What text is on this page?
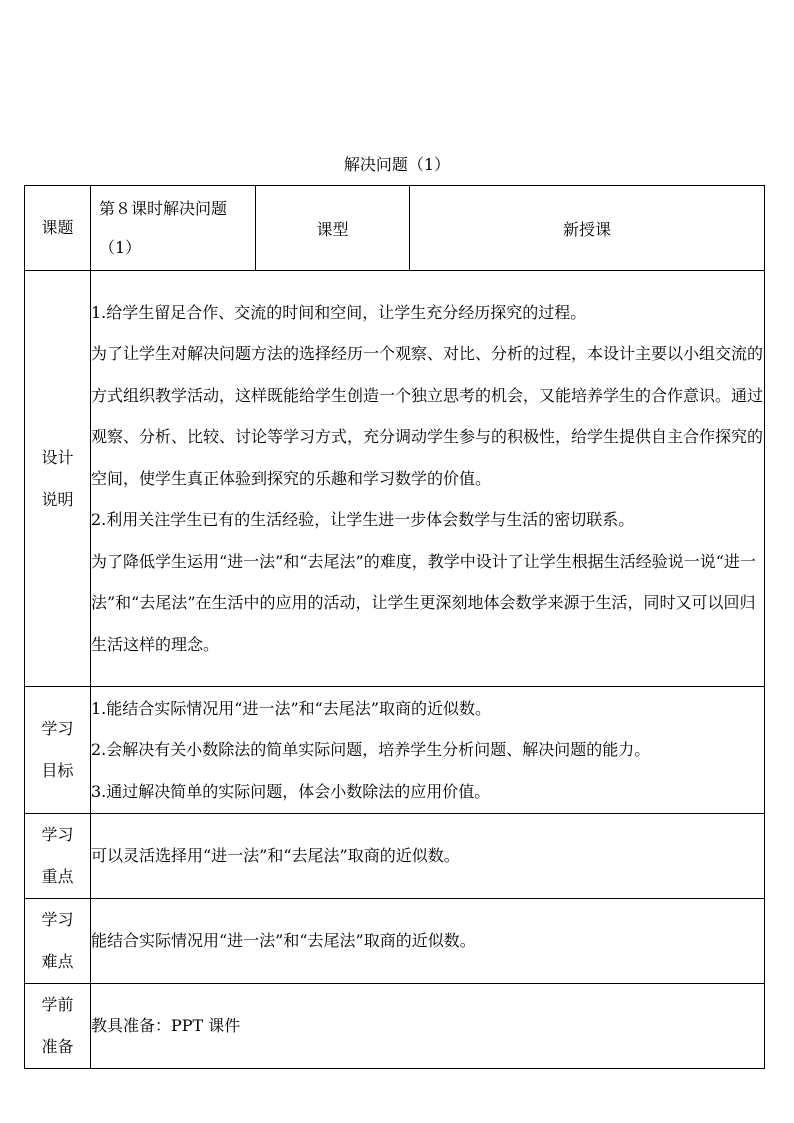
解决问题（1）
课题	第８课时解决问题（1）	课型	新授课

设计
说明	1.给学生留足合作、交流的时间和空间，让学生充分经历探究的过程。
为了让学生对解决问题方法的选择经历一个观察、对比、分析的过程，本设计主要以小组交流的方式组织教学活动，这样既能给学生创造一个独立思考的机会，又能培养学生的合作意识。通过观察、分析、比较、讨论等学习方式，充分调动学生参与的积极性，给学生提供自主合作探究的空间，使学生真正体验到探究的乐趣和学习数学的价值。
2.利用关注学生已有的生活经验，让学生进一步体会数学与生活的密切联系。
为了降低学生运用“进一法”和“去尾法”的难度，教学中设计了让学生根据生活经验说一说“进一法”和“去尾法”在生活中的应用的活动，让学生更深刻地体会数学来源于生活，同时又可以回归生活这样的理念。		

学习
目标	1.能结合实际情况用“进一法”和“去尾法”取商的近似数。
2.会解决有关小数除法的简单实际问题，培养学生分析问题、解决问题的能力。
3.通过解决简单的实际问题，体会小数除法的应用价值。		

学习
重点	可以灵活选择用“进一法”和“去尾法”取商的近似数。		

学习
难点	能结合实际情况用“进一法”和“去尾法”取商的近似数。		

学前
准备	教具准备：PPT 课件		
